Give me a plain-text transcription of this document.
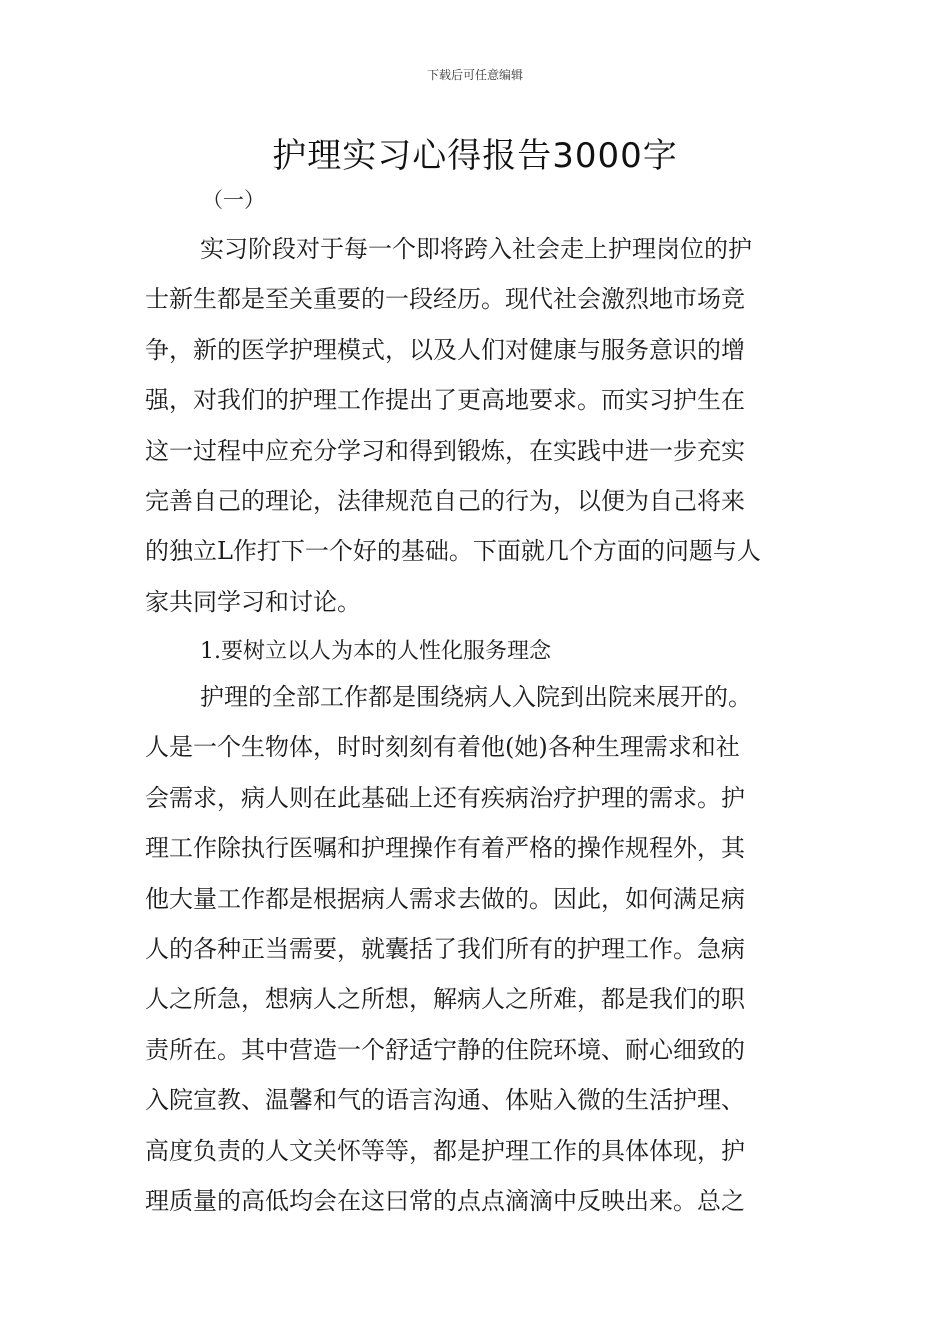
下载后可任意编辑
护理实习心得报告3000字
（一）
实习阶段对于每一个即将跨入社会走上护理岗位的护
士新生都是至关重要的一段经历。现代社会激烈地市场竞
争，新的医学护理模式，以及人们对健康与服务意识的增
强，对我们的护理工作提出了更高地要求。而实习护生在
这一过程中应充分学习和得到锻炼，在实践中进一步充实
完善自己的理论，法律规范自己的行为，以便为自己将来
的独立L作打下一个好的基础。下面就几个方面的问题与人
家共同学习和讨论。
1.要树立以人为本的人性化服务理念
护理的全部工作都是围绕病人入院到出院来展开的。
人是一个生物体，时时刻刻有着他(她)各种生理需求和社
会需求，病人则在此基础上还有疾病治疗护理的需求。护
理工作除执行医嘱和护理操作有着严格的操作规程外，其
他大量工作都是根据病人需求去做的。因此，如何满足病
人的各种正当需要，就囊括了我们所有的护理工作。急病
人之所急，想病人之所想，解病人之所难，都是我们的职
责所在。其中营造一个舒适宁静的住院环境、耐心细致的
入院宣教、温馨和气的语言沟通、体贴入微的生活护理、
高度负责的人文关怀等等，都是护理工作的具体体现，护
理质量的高低均会在这曰常的点点滴滴中反映出来。总之
